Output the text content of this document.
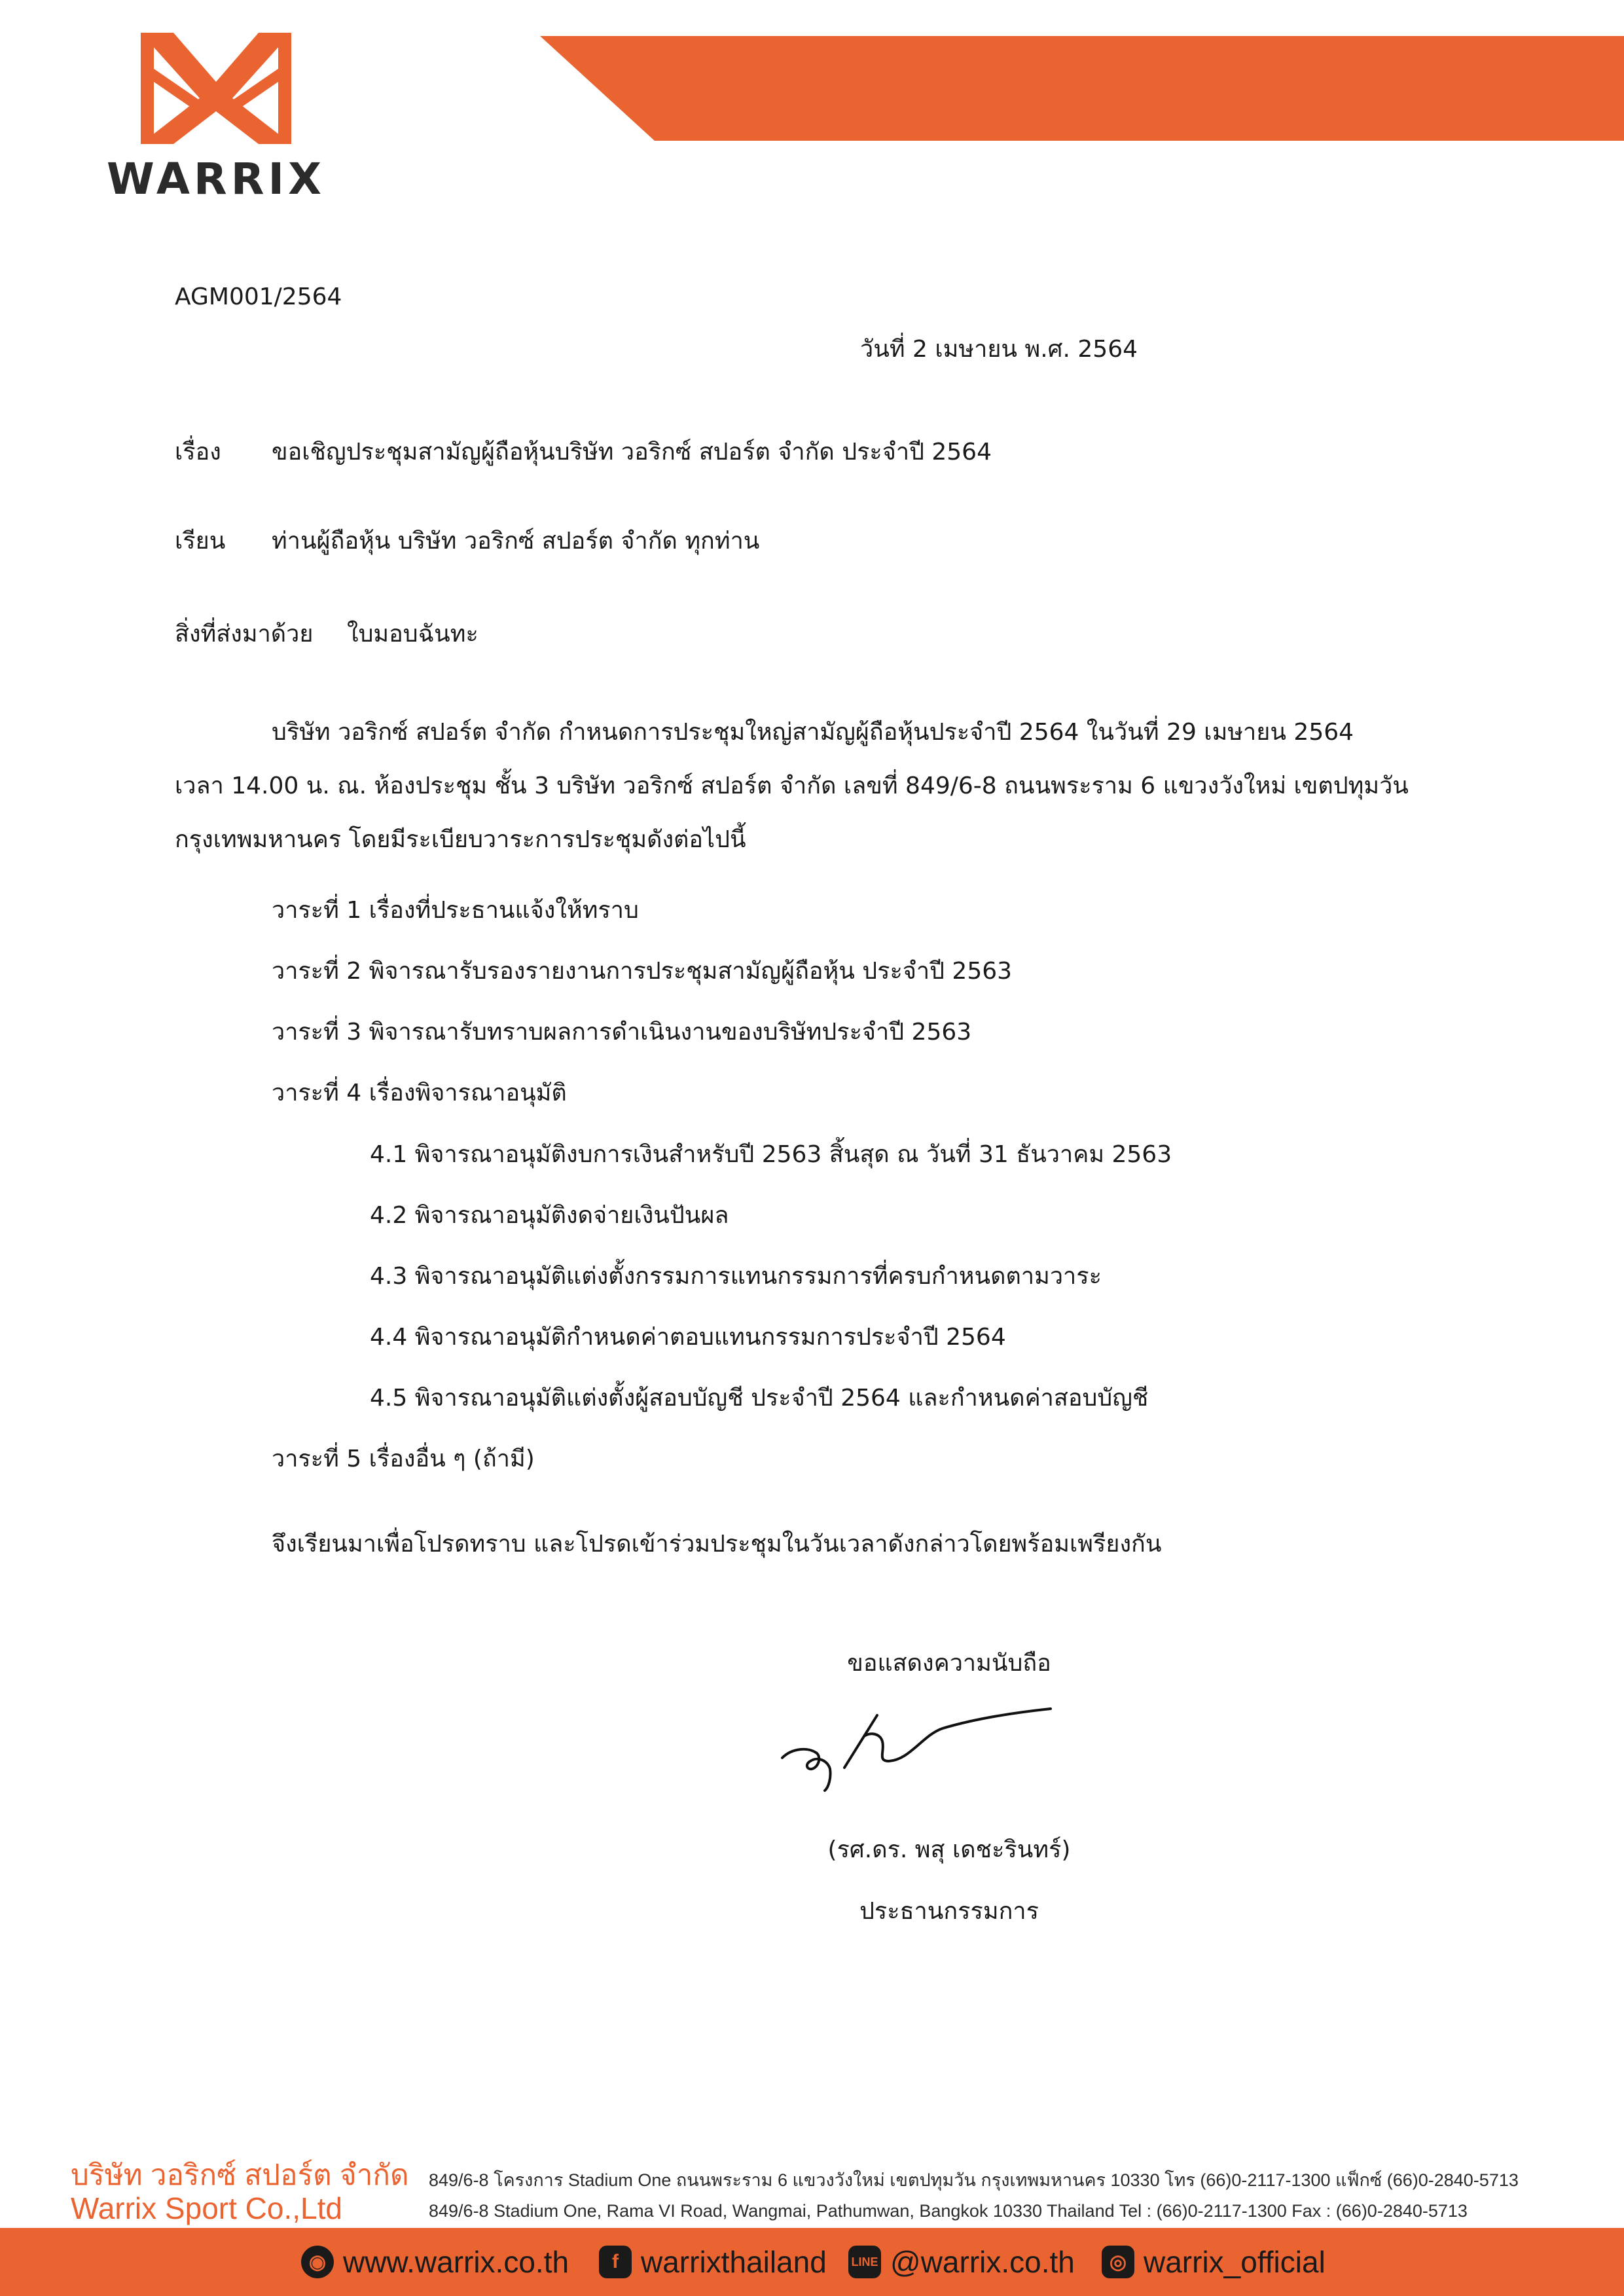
WARRIX
AGM001/2564
วันที่ 2 เมษายน พ.ศ. 2564
เรื่อง ขอเชิญประชุมสามัญผู้ถือหุ้นบริษัท วอริกซ์ สปอร์ต จำกัด ประจำปี 2564
เรียน ท่านผู้ถือหุ้น บริษัท วอริกซ์ สปอร์ต จำกัด ทุกท่าน
สิ่งที่ส่งมาด้วย ใบมอบฉันทะ
บริษัท วอริกซ์ สปอร์ต จำกัด กำหนดการประชุมใหญ่สามัญผู้ถือหุ้นประจำปี 2564 ในวันที่ 29 เมษายน 2564
เวลา 14.00 น. ณ. ห้องประชุม ชั้น 3 บริษัท วอริกซ์ สปอร์ต จำกัด เลขที่ 849/6-8 ถนนพระราม 6 แขวงวังใหม่ เขตปทุมวัน
กรุงเทพมหานคร โดยมีระเบียบวาระการประชุมดังต่อไปนี้
วาระที่ 1 เรื่องที่ประธานแจ้งให้ทราบ
วาระที่ 2 พิจารณารับรองรายงานการประชุมสามัญผู้ถือหุ้น ประจำปี 2563
วาระที่ 3 พิจารณารับทราบผลการดำเนินงานของบริษัทประจำปี 2563
วาระที่ 4 เรื่องพิจารณาอนุมัติ
4.1 พิจารณาอนุมัติงบการเงินสำหรับปี 2563 สิ้นสุด ณ วันที่ 31 ธันวาคม 2563
4.2 พิจารณาอนุมัติงดจ่ายเงินปันผล
4.3 พิจารณาอนุมัติแต่งตั้งกรรมการแทนกรรมการที่ครบกำหนดตามวาระ
4.4 พิจารณาอนุมัติกำหนดค่าตอบแทนกรรมการประจำปี 2564
4.5 พิจารณาอนุมัติแต่งตั้งผู้สอบบัญชี ประจำปี 2564 และกำหนดค่าสอบบัญชี
วาระที่ 5 เรื่องอื่น ๆ (ถ้ามี)
จึงเรียนมาเพื่อโปรดทราบ และโปรดเข้าร่วมประชุมในวันเวลาดังกล่าวโดยพร้อมเพรียงกัน
ขอแสดงความนับถือ
(รศ.ดร. พสุ เดชะรินทร์)
ประธานกรรมการ
บริษัท วอริกซ์ สปอร์ต จำกัด
Warrix Sport Co.,Ltd
849/6-8 โครงการ Stadium One ถนนพระราม 6 แขวงวังใหม่ เขตปทุมวัน กรุงเทพมหานคร 10330 โทร (66)0-2117-1300 แฟ็กซ์ (66)0-2840-5713
849/6-8 Stadium One, Rama VI Road, Wangmai, Pathumwan, Bangkok 10330 Thailand Tel : (66)0-2117-1300 Fax : (66)0-2840-5713
◉ www.warrix.co.th	f warrixthailand LINE @warrix.co.th	◎ warrix_official
